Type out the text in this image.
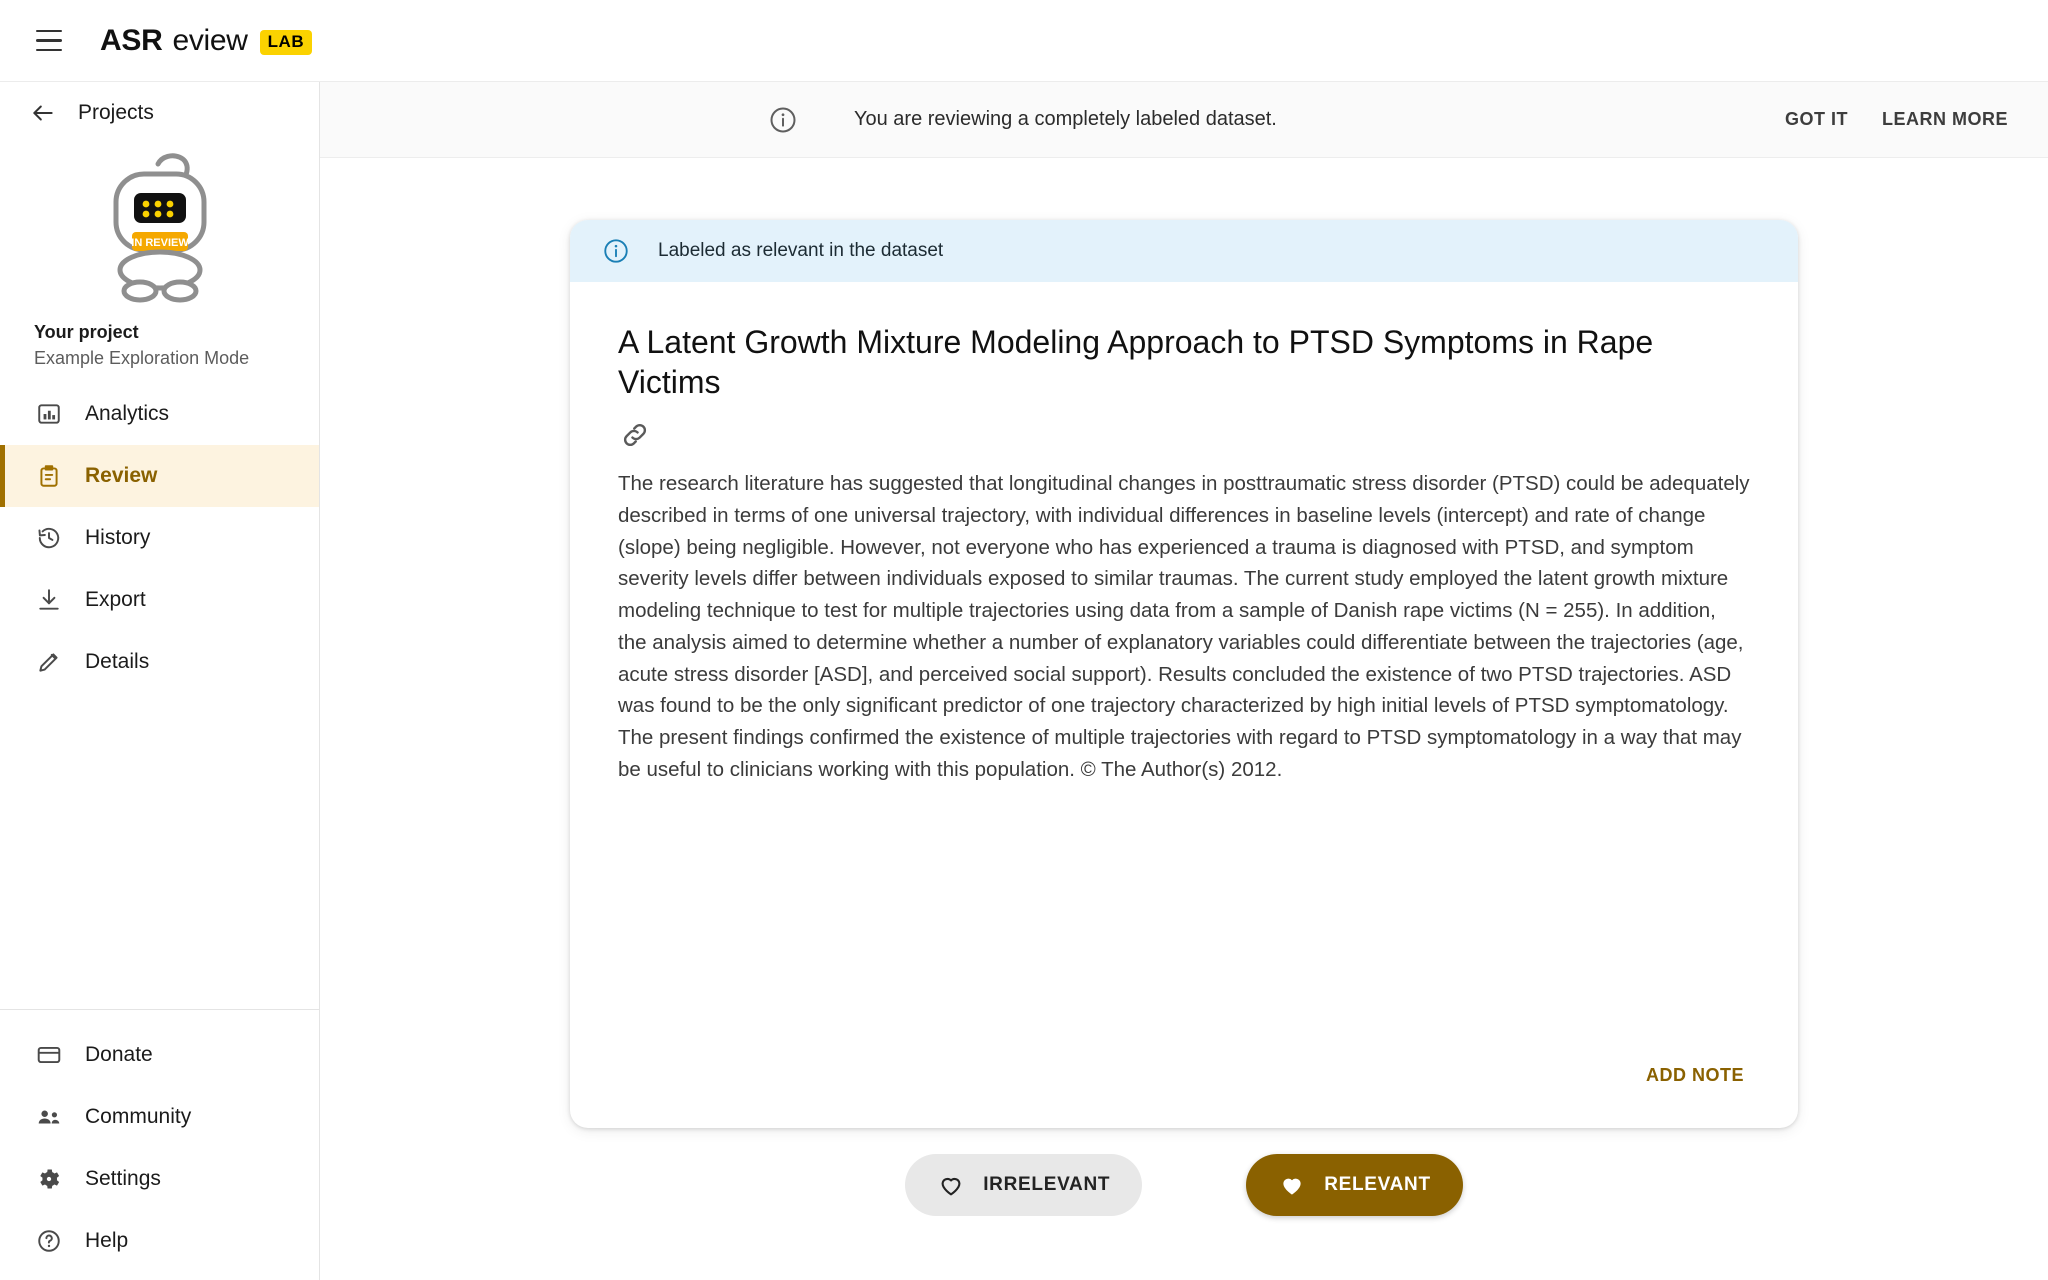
ASR eview	LAB
Projects
IN REVIEW
Your project
Example Exploration Mode
Analytics
Review
History
Export
Details
Donate
Community
Settings
Help
You are reviewing a completely labeled dataset.	GOT IT LEARN MORE
Labeled as relevant in the dataset
A Latent Growth Mixture Modeling Approach to PTSD Symptoms in Rape Victims

The research literature has suggested that longitudinal changes in posttraumatic stress disorder (PTSD) could be adequately described in terms of one universal trajectory, with individual differences in baseline levels (intercept) and rate of change (slope) being negligible. However, not everyone who has experienced a trauma is diagnosed with PTSD, and symptom severity levels differ between individuals exposed to similar traumas. The current study employed the latent growth mixture modeling technique to test for multiple trajectories using data from a sample of Danish rape victims (N = 255). In addition, the analysis aimed to determine whether a number of explanatory variables could differentiate between the trajectories (age, acute stress disorder [ASD], and perceived social support). Results concluded the existence of two PTSD trajectories. ASD was found to be the only significant predictor of one trajectory characterized by high initial levels of PTSD symptomatology. The present findings confirmed the existence of multiple trajectories with regard to PTSD symptomatology in a way that may be useful to clinicians working with this population. © The Author(s) 2012.

ADD NOTE
IRRELEVANT	RELEVANT
